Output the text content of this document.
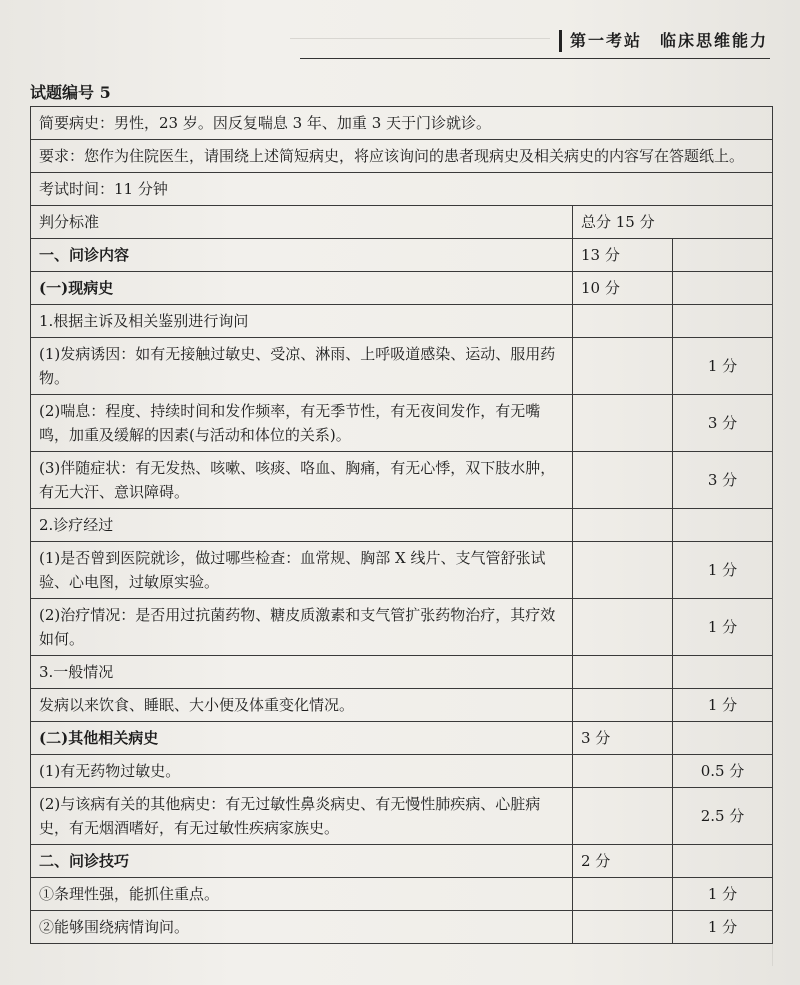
第一考站　临床思维能力
试题编号 5
简要病史：男性，23 岁。因反复喘息 3 年、加重 3 天于门诊就诊。		
要求：您作为住院医生，请围绕上述简短病史，将应该询问的患者现病史及相关病史的内容写在答题纸上。		
考试时间：11 分钟		
判分标准	总分 15 分	
一、问诊内容	13 分	
(一)现病史	10 分	
1.根据主诉及相关鉴别进行询问		
(1)发病诱因：如有无接触过敏史、受凉、淋雨、上呼吸道感染、运动、服用药物。		1 分
(2)喘息：程度、持续时间和发作频率，有无季节性，有无夜间发作，有无嘴鸣，加重及缓解的因素(与活动和体位的关系)。		3 分
(3)伴随症状：有无发热、咳嗽、咳痰、咯血、胸痛，有无心悸，双下肢水肿，有无大汗、意识障碍。		3 分
2.诊疗经过		
(1)是否曾到医院就诊，做过哪些检查：血常规、胸部 X 线片、支气管舒张试验、心电图，过敏原实验。		1 分
(2)治疗情况：是否用过抗菌药物、糖皮质激素和支气管扩张药物治疗，其疗效如何。		1 分
3.一般情况		
发病以来饮食、睡眠、大小便及体重变化情况。		1 分
(二)其他相关病史	3 分	
(1)有无药物过敏史。		0.5 分
(2)与该病有关的其他病史：有无过敏性鼻炎病史、有无慢性肺疾病、心脏病史，有无烟酒嗜好，有无过敏性疾病家族史。		2.5 分
二、问诊技巧	2 分	
①条理性强，能抓住重点。		1 分
②能够围绕病情询问。		1 分
